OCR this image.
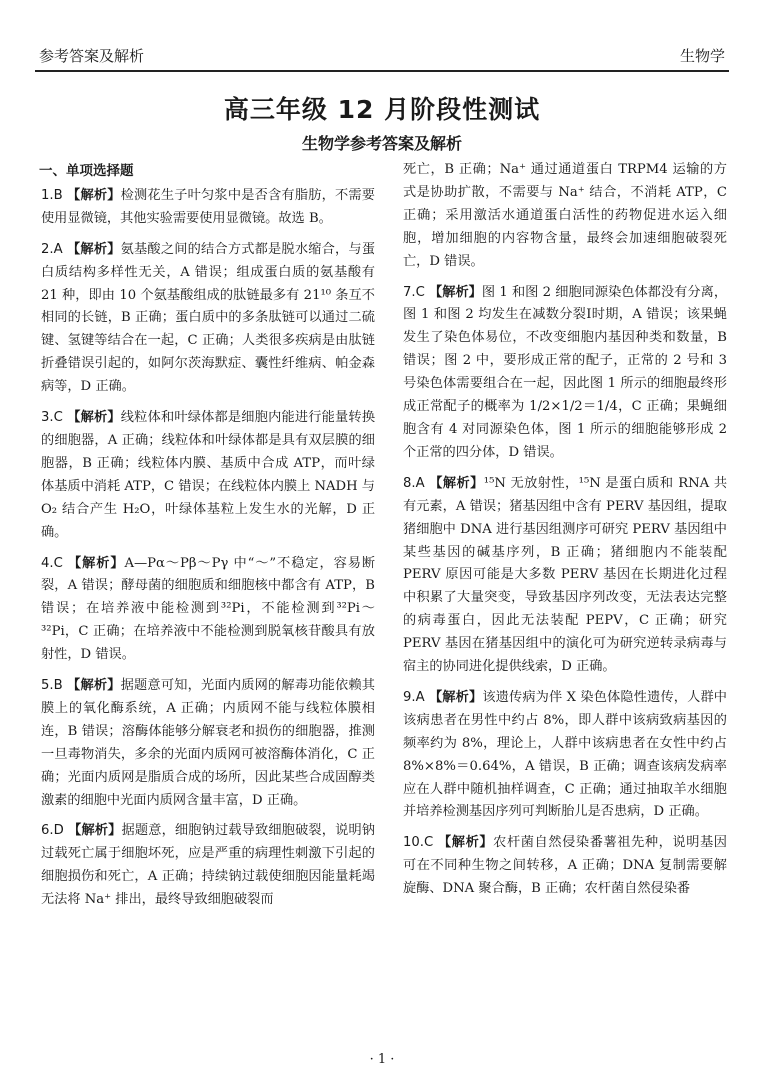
参考答案及解析	生物学
高三年级 12 月阶段性测试
生物学参考答案及解析
一、单项选择题
1.B 【解析】检测花生子叶匀浆中是否含有脂肪，不需要使用显微镜，其他实验需要使用显微镜。故选 B。
2.A 【解析】氨基酸之间的结合方式都是脱水缩合，与蛋白质结构多样性无关，A 错误；组成蛋白质的氨基酸有 21 种，即由 10 个氨基酸组成的肽链最多有 21¹⁰ 条互不相同的长链，B 正确；蛋白质中的多条肽链可以通过二硫键、氢键等结合在一起，C 正确；人类很多疾病是由肽链折叠错误引起的，如阿尔茨海默症、囊性纤维病、帕金森病等，D 正确。
3.C 【解析】线粒体和叶绿体都是细胞内能进行能量转换的细胞器，A 正确；线粒体和叶绿体都是具有双层膜的细胞器，B 正确；线粒体内膜、基质中合成 ATP，而叶绿体基质中消耗 ATP，C 错误；在线粒体内膜上 NADH 与 O₂ 结合产生 H₂O，叶绿体基粒上发生水的光解，D 正确。
4.C 【解析】A—Pα～Pβ～Pγ 中“～”不稳定，容易断裂，A 错误；酵母菌的细胞质和细胞核中都含有 ATP，B 错误；在培养液中能检测到³²Pi，不能检测到³²Pi～³²Pi，C 正确；在培养液中不能检测到脱氧核苷酸具有放射性，D 错误。
5.B 【解析】据题意可知，光面内质网的解毒功能依赖其膜上的氧化酶系统，A 正确；内质网不能与线粒体膜相连，B 错误；溶酶体能够分解衰老和损伤的细胞器，推测一旦毒物消失，多余的光面内质网可被溶酶体消化，C 正确；光面内质网是脂质合成的场所，因此某些合成固醇类激素的细胞中光面内质网含量丰富，D 正确。
6.D 【解析】据题意，细胞钠过载导致细胞破裂，说明钠过载死亡属于细胞坏死，应是严重的病理性刺激下引起的细胞损伤和死亡，A 正确；持续钠过载使细胞因能量耗竭无法将 Na⁺ 排出，最终导致细胞破裂而
死亡，B 正确；Na⁺ 通过通道蛋白 TRPM4 运输的方式是协助扩散，不需要与 Na⁺ 结合，不消耗 ATP，C 正确；采用激活水通道蛋白活性的药物促进水运入细胞，增加细胞的内容物含量，最终会加速细胞破裂死亡，D 错误。
7.C 【解析】图 1 和图 2 细胞同源染色体都没有分离，图 1 和图 2 均发生在减数分裂Ⅰ时期，A 错误；该果蝇发生了染色体易位，不改变细胞内基因种类和数量，B 错误；图 2 中，要形成正常的配子，正常的 2 号和 3 号染色体需要组合在一起，因此图 1 所示的细胞最终形成正常配子的概率为 1/2×1/2＝1/4，C 正确；果蝇细胞含有 4 对同源染色体，图 1 所示的细胞能够形成 2 个正常的四分体，D 错误。
8.A 【解析】¹⁵N 无放射性，¹⁵N 是蛋白质和 RNA 共有元素，A 错误；猪基因组中含有 PERV 基因组，提取猪细胞中 DNA 进行基因组测序可研究 PERV 基因组中某些基因的碱基序列，B 正确；猪细胞内不能装配 PERV 原因可能是大多数 PERV 基因在长期进化过程中积累了大量突变，导致基因序列改变，无法表达完整的病毒蛋白，因此无法装配 PEPV，C 正确；研究 PERV 基因在猪基因组中的演化可为研究逆转录病毒与宿主的协同进化提供线索，D 正确。
9.A 【解析】该遗传病为伴 X 染色体隐性遗传，人群中该病患者在男性中约占 8%，即人群中该病致病基因的频率约为 8%，理论上，人群中该病患者在女性中约占 8%×8%＝0.64%，A 错误，B 正确；调查该病发病率应在人群中随机抽样调查，C 正确；通过抽取羊水细胞并培养检测基因序列可判断胎儿是否患病，D 正确。
10.C 【解析】农杆菌自然侵染番薯祖先种，说明基因可在不同种生物之间转移，A 正确；DNA 复制需要解旋酶、DNA 聚合酶，B 正确；农杆菌自然侵染番
· 1 ·
